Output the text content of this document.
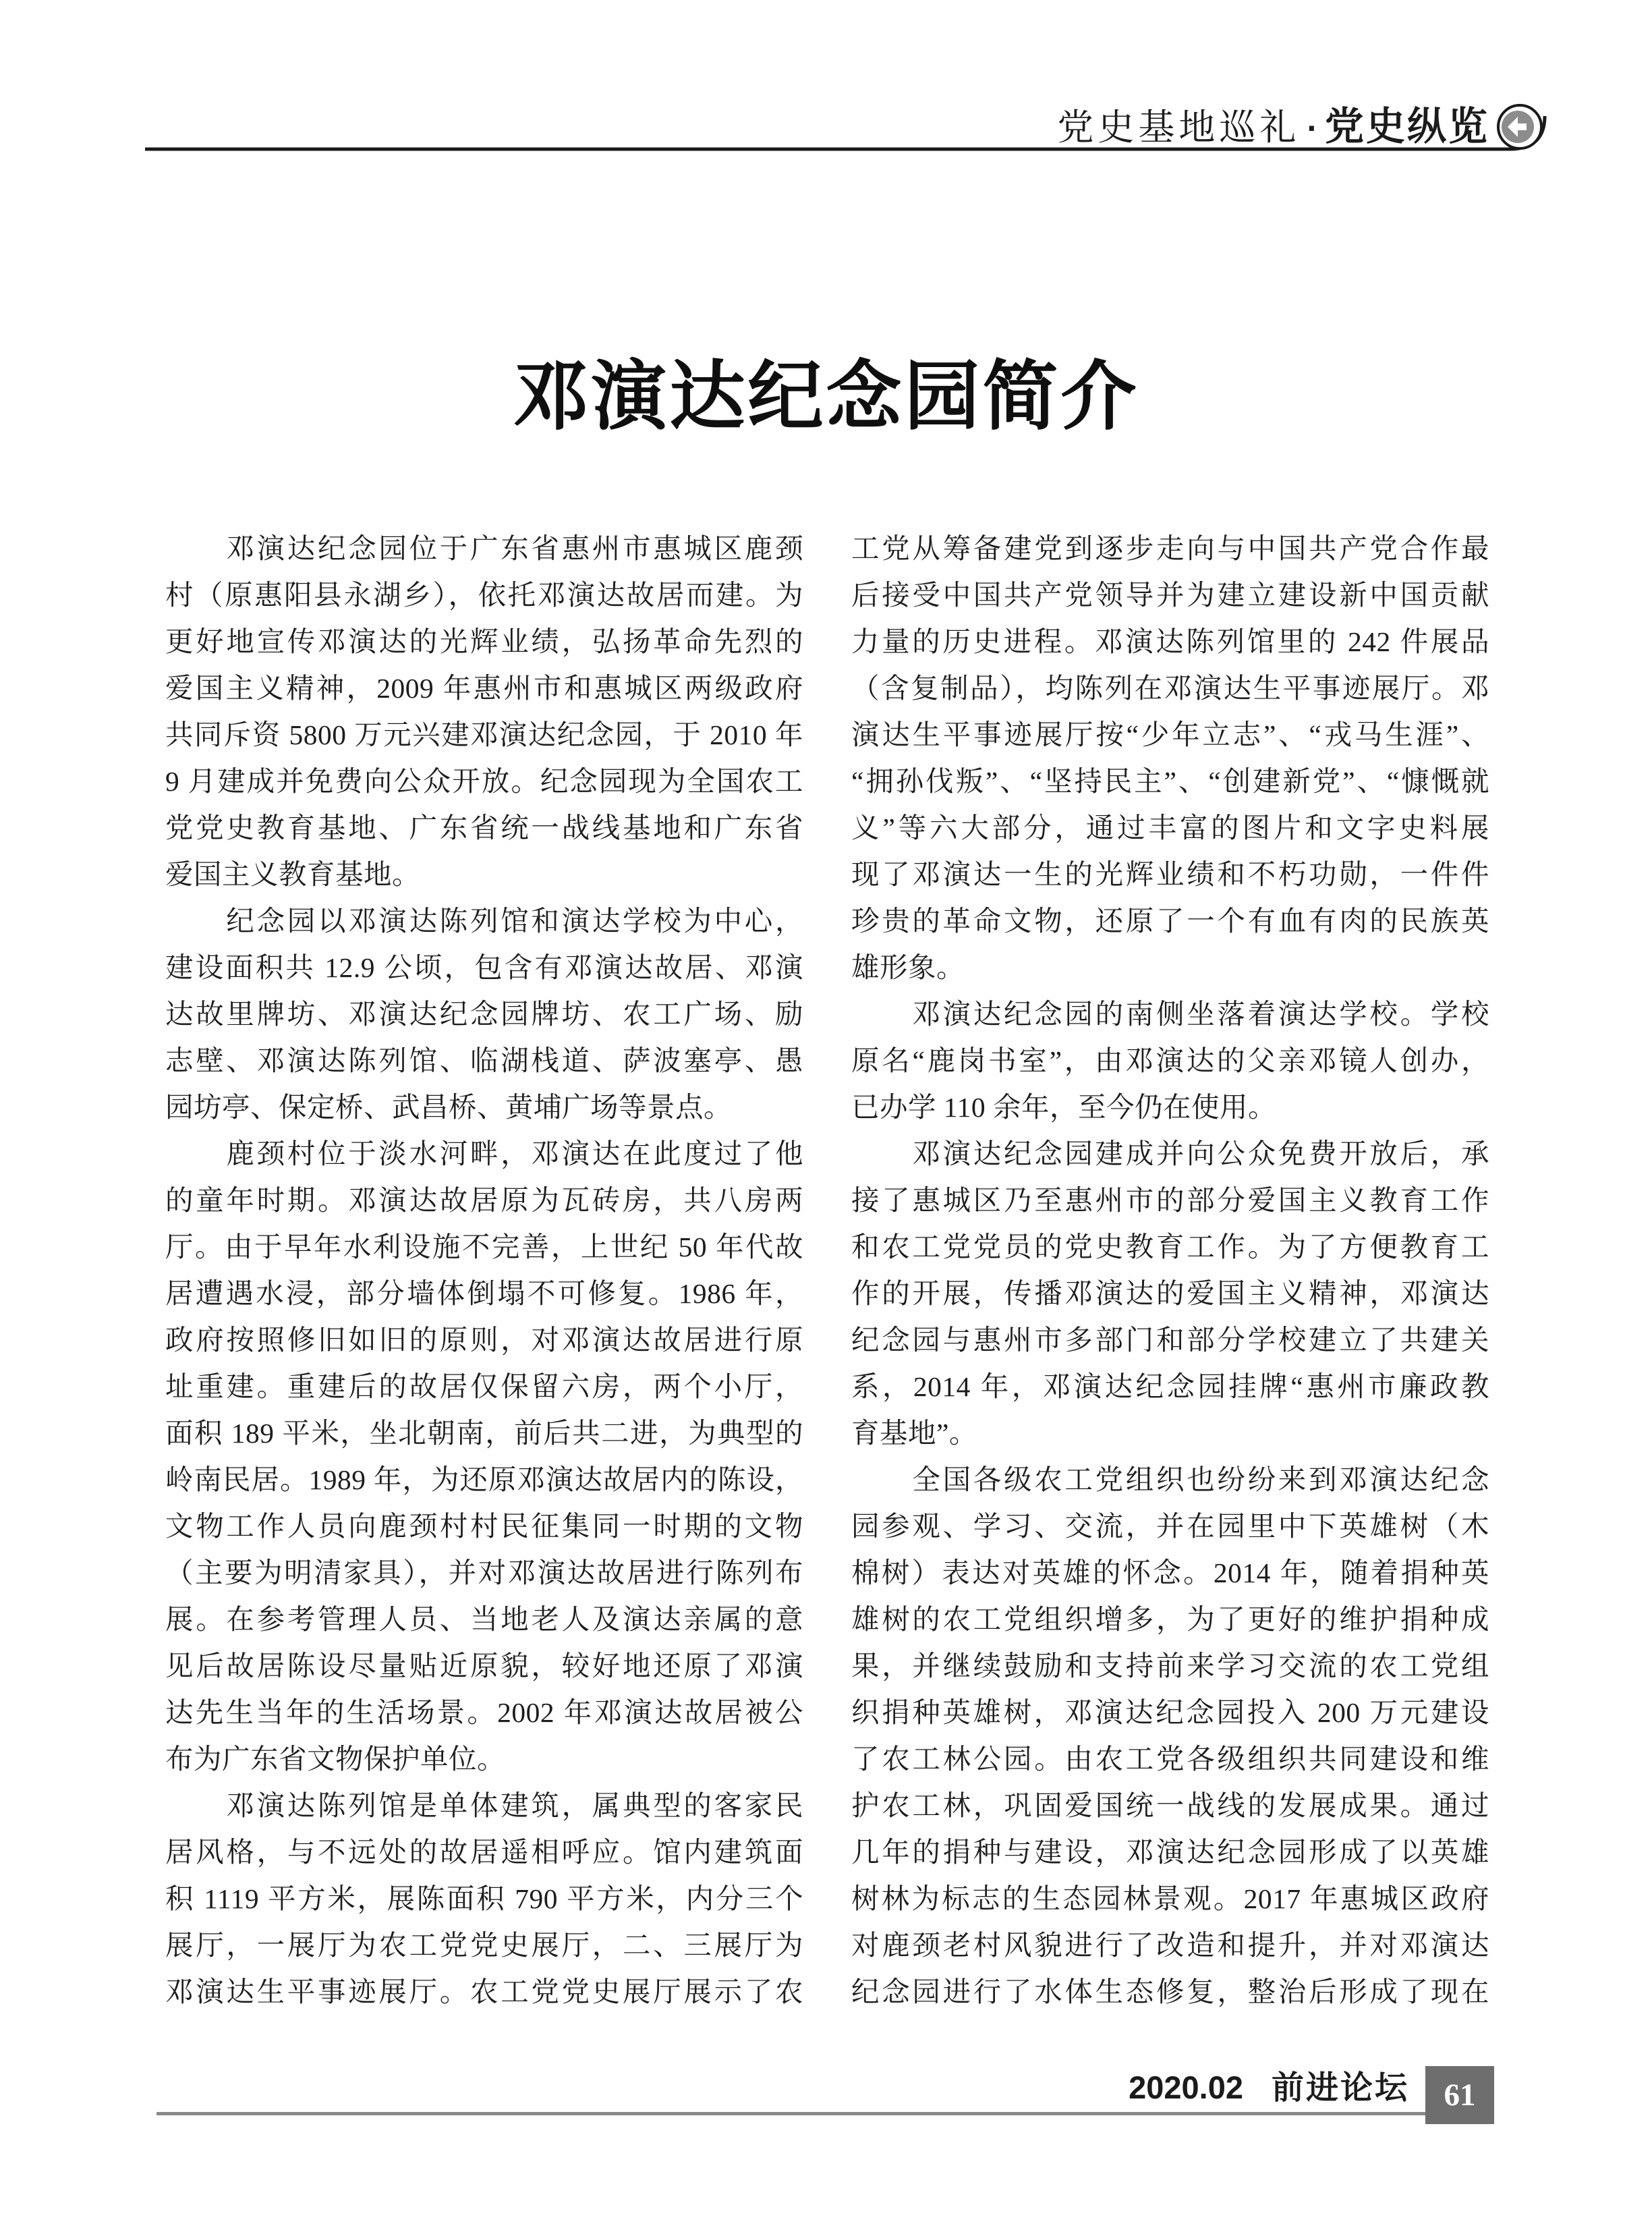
党史基地巡礼 · 党史纵览
邓演达纪念园简介
　　邓演达纪念园位于广东省惠州市惠城区鹿颈
村（原惠阳县永湖乡），依托邓演达故居而建。为
更好地宣传邓演达的光辉业绩，弘扬革命先烈的
爱国主义精神，2009 年惠州市和惠城区两级政府
共同斥资 5800 万元兴建邓演达纪念园，于 2010 年
9 月建成并免费向公众开放。纪念园现为全国农工
党党史教育基地、广东省统一战线基地和广东省
爱国主义教育基地。
　　纪念园以邓演达陈列馆和演达学校为中心，
建设面积共 12.9 公顷，包含有邓演达故居、邓演
达故里牌坊、邓演达纪念园牌坊、农工广场、励
志壁、邓演达陈列馆、临湖栈道、萨波塞亭、愚
园坊亭、保定桥、武昌桥、黄埔广场等景点。
　　鹿颈村位于淡水河畔，邓演达在此度过了他
的童年时期。邓演达故居原为瓦砖房，共八房两
厅。由于早年水利设施不完善，上世纪 50 年代故
居遭遇水浸，部分墙体倒塌不可修复。1986 年，
政府按照修旧如旧的原则，对邓演达故居进行原
址重建。重建后的故居仅保留六房，两个小厅，
面积 189 平米，坐北朝南，前后共二进，为典型的
岭南民居。1989 年，为还原邓演达故居内的陈设，
文物工作人员向鹿颈村村民征集同一时期的文物
（主要为明清家具），并对邓演达故居进行陈列布
展。在参考管理人员、当地老人及演达亲属的意
见后故居陈设尽量贴近原貌，较好地还原了邓演
达先生当年的生活场景。2002 年邓演达故居被公
布为广东省文物保护单位。
　　邓演达陈列馆是单体建筑，属典型的客家民
居风格，与不远处的故居遥相呼应。馆内建筑面
积 1119 平方米，展陈面积 790 平方米，内分三个
展厅，一展厅为农工党党史展厅，二、三展厅为
邓演达生平事迹展厅。农工党党史展厅展示了农
工党从筹备建党到逐步走向与中国共产党合作最
后接受中国共产党领导并为建立建设新中国贡献
力量的历史进程。邓演达陈列馆里的 242 件展品
（含复制品），均陈列在邓演达生平事迹展厅。邓
演达生平事迹展厅按“少年立志”、“戎马生涯”、
“拥孙伐叛”、“坚持民主”、“创建新党”、“慷慨就
义”等六大部分，通过丰富的图片和文字史料展
现了邓演达一生的光辉业绩和不朽功勋，一件件
珍贵的革命文物，还原了一个有血有肉的民族英
雄形象。
　　邓演达纪念园的南侧坐落着演达学校。学校
原名“鹿岗书室”，由邓演达的父亲邓镜人创办，
已办学 110 余年，至今仍在使用。
　　邓演达纪念园建成并向公众免费开放后，承
接了惠城区乃至惠州市的部分爱国主义教育工作
和农工党党员的党史教育工作。为了方便教育工
作的开展，传播邓演达的爱国主义精神，邓演达
纪念园与惠州市多部门和部分学校建立了共建关
系，2014 年，邓演达纪念园挂牌“惠州市廉政教
育基地”。
　　全国各级农工党组织也纷纷来到邓演达纪念
园参观、学习、交流，并在园里中下英雄树（木
棉树）表达对英雄的怀念。2014 年，随着捐种英
雄树的农工党组织增多，为了更好的维护捐种成
果，并继续鼓励和支持前来学习交流的农工党组
织捐种英雄树，邓演达纪念园投入 200 万元建设
了农工林公园。由农工党各级组织共同建设和维
护农工林，巩固爱国统一战线的发展成果。通过
几年的捐种与建设，邓演达纪念园形成了以英雄
树林为标志的生态园林景观。2017 年惠城区政府
对鹿颈老村风貌进行了改造和提升，并对邓演达
纪念园进行了水体生态修复，整治后形成了现在
2020.02 前进论坛 61
